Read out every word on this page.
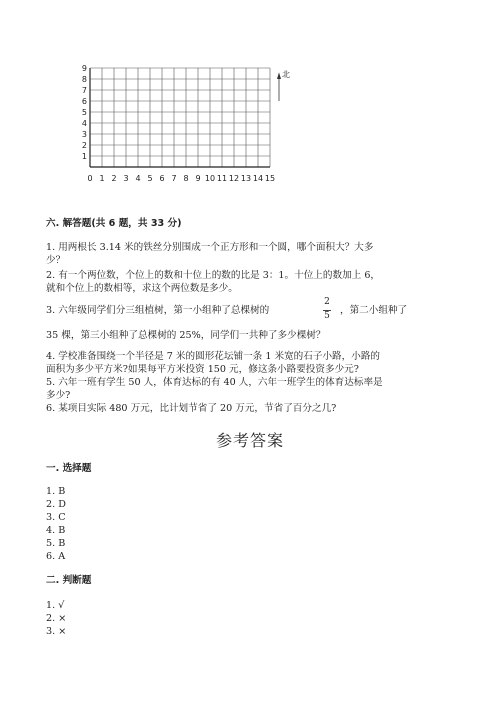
0 1 2 3 4 5 6 7 8 9 10 11 12 13 14 15
1
2
3
4
5
6
7
8
9
北
六. 解答题(共 6 题，共 33 分)
1. 用两根长 3.14 米的铁丝分别围成一个正方形和一个圆，哪个面积大？大多
少？
2. 有一个两位数，个位上的数和十位上的数的比是 3：1。十位上的数加上 6，
就和个位上的数相等，求这个两位数是多少。
3. 六年级同学们分三组植树，第一小组种了总棵树的
2
5	，第二小组种了
35 棵，第三小组种了总棵树的 25%，同学们一共种了多少棵树？
4. 学校准备围绕一个半径是 7 米的圆形花坛铺一条 1 米宽的石子小路，小路的
面积为多少平方米?如果每平方米投资 150 元，修这条小路要投资多少元?
5. 六年一班有学生 50 人，体育达标的有 40 人，六年一班学生的体育达标率是
多少?
6. 某项目实际 480 万元，比计划节省了 20 万元，节省了百分之几?
参考答案
一. 选择题
1. B
2. D
3. C
4. B
5. B
6. A
二. 判断题
1. √
2. ×
3. ×
